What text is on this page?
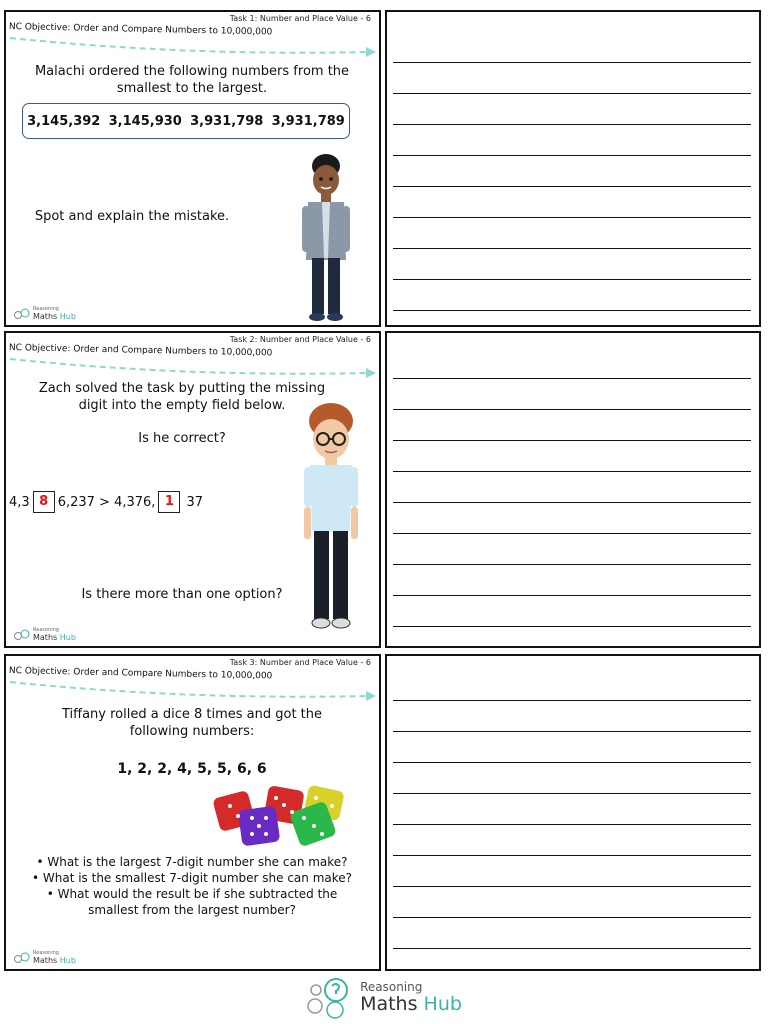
Task 1: Number and Place Value - 6
NC Objective: Order and Compare Numbers to 10,000,000
Malachi ordered the following numbers from the
smallest to the largest.
3,145,392 3,145,930 3,931,798 3,931,789
Spot and explain the mistake.
Reasoning
Maths Hub
Task 2: Number and Place Value - 6
NC Objective: Order and Compare Numbers to 10,000,000
Zach solved the task by putting the missing
digit into the empty field below.
Is he correct?
4,3 8 6,237 > 4,376, 1 37
Is there more than one option?
Reasoning
Maths Hub
Task 3: Number and Place Value - 6
NC Objective: Order and Compare Numbers to 10,000,000
Tiffany rolled a dice 8 times and got the
following numbers:
1, 2, 2, 4, 5, 5, 6, 6
• What is the largest 7-digit number she can make?
• What is the smallest 7-digit number she can make?
• What would the result be if she subtracted the

smallest from the largest number?

Reasoning
Maths Hub
Reasoning
Maths Hub
